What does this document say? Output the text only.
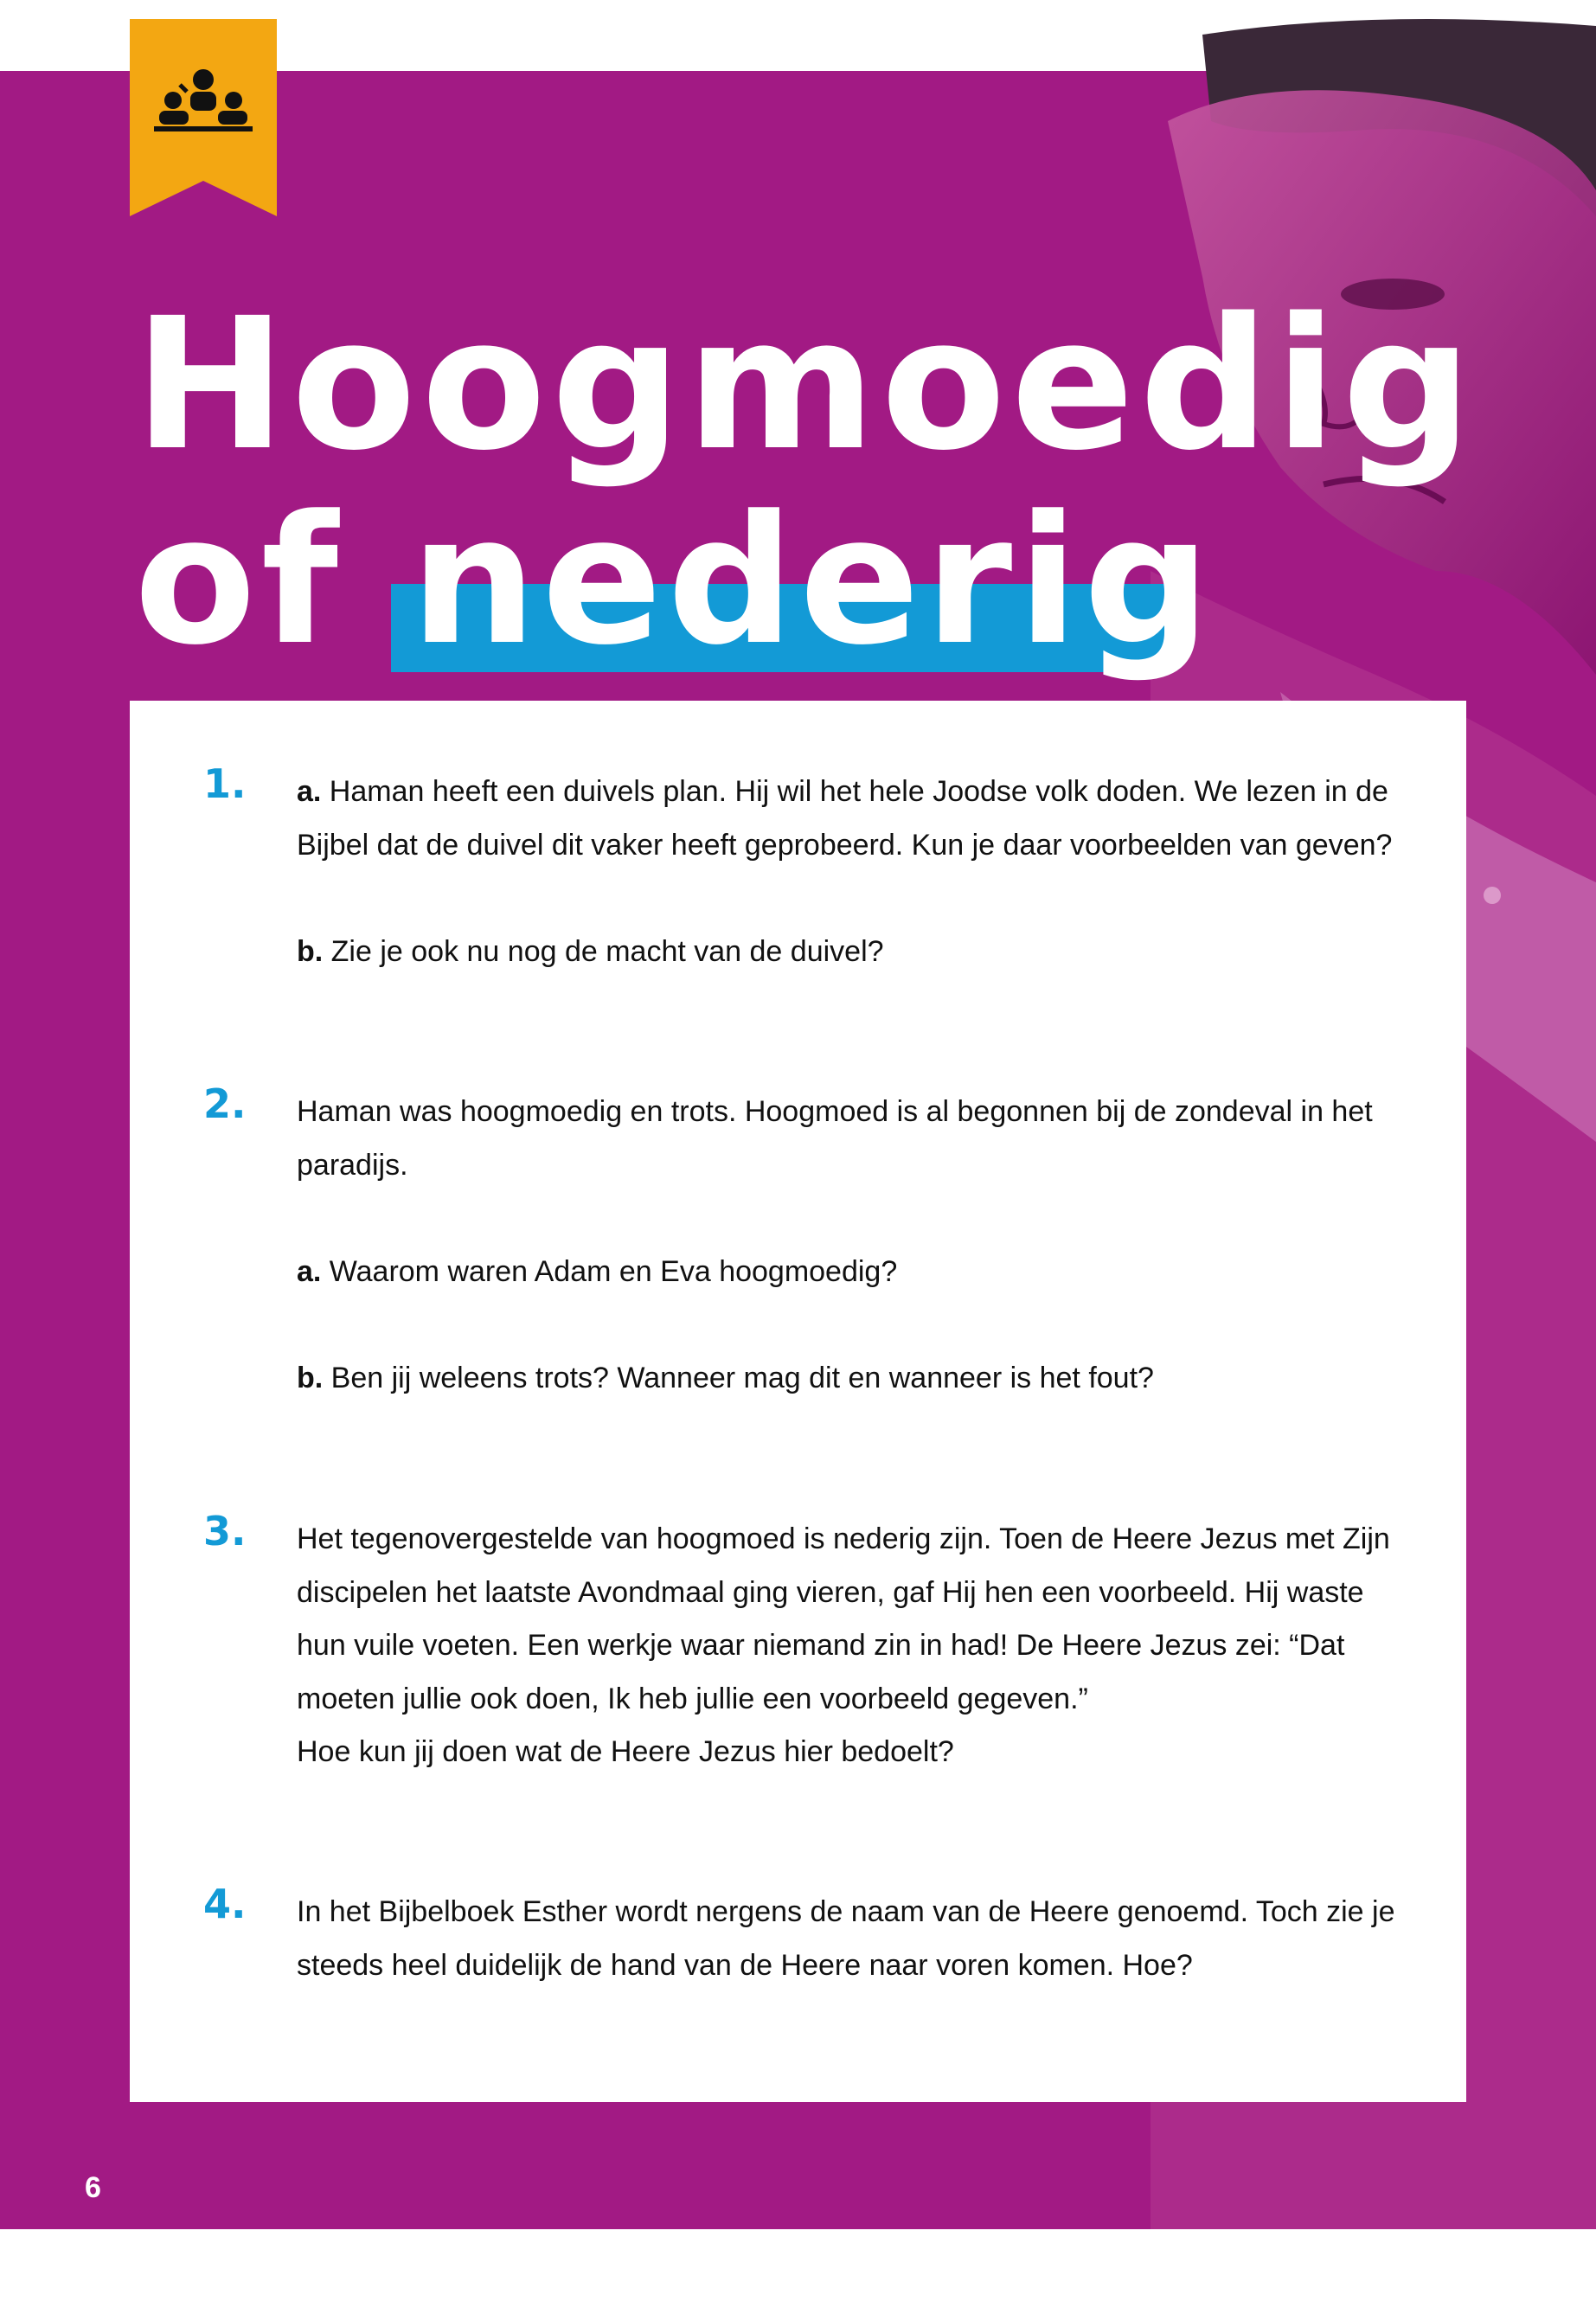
Hoogmoedig
of nederig
1. a. Haman heeft een duivels plan. Hij wil het hele Joodse volk doden. We lezen in de Bijbel dat de duivel dit vaker heeft geprobeerd. Kun je daar voorbeelden van geven?

b. Zie je ook nu nog de macht van de duivel?

2. Haman was hoogmoedig en trots. Hoogmoed is al begonnen bij de zondeval in het paradijs.

a. Waarom waren Adam en Eva hoogmoedig?

b. Ben jij weleens trots? Wanneer mag dit en wanneer is het fout?

3. Het tegenovergestelde van hoogmoed is nederig zijn. Toen de Heere Jezus met Zijn discipelen het laatste Avondmaal ging vieren, gaf Hij hen een voorbeeld. Hij waste hun vuile voeten. Een werkje waar niemand zin in had! De Heere Jezus zei: “Dat moeten jullie ook doen, Ik heb jullie een voorbeeld gegeven.”

Hoe kun jij doen wat de Heere Jezus hier bedoelt?

4. In het Bijbelboek Esther wordt nergens de naam van de Heere genoemd. Toch zie je steeds heel duidelijk de hand van de Heere naar voren komen. Hoe?

6
